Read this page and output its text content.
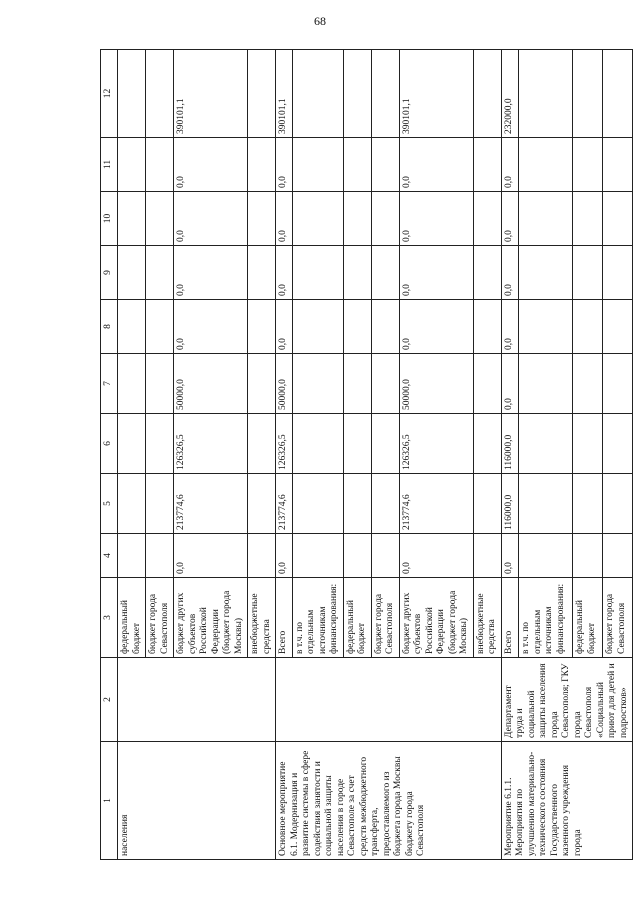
68
1	2	3	4	5	6	7	8	9	10	11	12
населения		федеральный бюджет									
		бюджет города Севастополя									
		бюджет других субъектов Российской Федерации (бюджет города Москвы)	0,0	213774,6	126326,5	50000,0	0,0	0,0	0,0	0,0	390101,1
		внебюджетные средства									
Основное мероприятие 6.1. Модернизация и развитие системы в сфере содействия занятости и социальной защиты населения в городе Севастополе за счет средств межбюджетного трансферта, предоставляемого из бюджета города Москвы бюджету города Севастополя		Всего	0,0	213774,6	126326,5	50000,0	0,0	0,0	0,0	0,0	390101,1
		в т.ч. по отдельным источникам финансирования:									
		федеральный бюджет									
		бюджет города Севастополя									
		бюджет других субъектов Российской Федерации (бюджет города Москвы)	0,0	213774,6	126326,5	50000,0	0,0	0,0	0,0	0,0	390101,1
		внебюджетные средства									
Мероприятие 6.1.1. Мероприятия по улучшению материально-технического состояния Государственного казенного учреждения города	Департамент труда и социальной защиты населения города Севастополя; ГКУ города Севастополя «Социальный приют для детей и подростков»	Всего	0,0	116000,0	116000,0	0,0	0,0	0,0	0,0	0,0	232000,0
		в т.ч. по отдельным источникам финансирования:									
		федеральный бюджет									
		бюджет города Севастополя									
